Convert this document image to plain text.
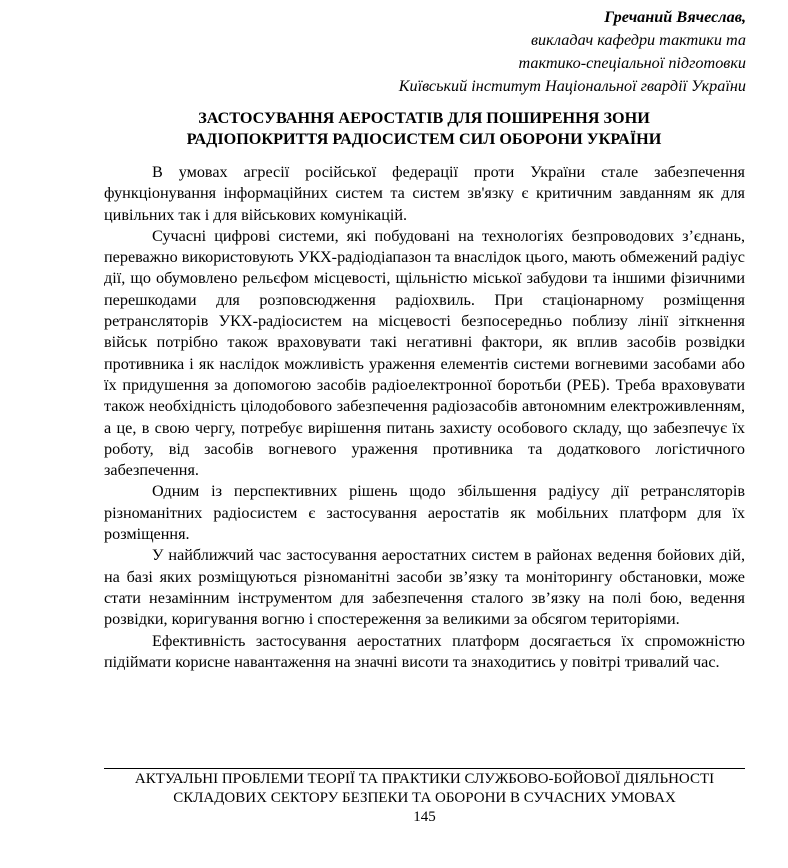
Гречаний Вячеслав,
викладач кафедри тактики та
тактико-спеціальної підготовки
Київський інститут Національної гвардії України
ЗАСТОСУВАННЯ АЕРОСТАТІВ ДЛЯ ПОШИРЕННЯ ЗОНИ
РАДІОПОКРИТТЯ РАДІОСИСТЕМ СИЛ ОБОРОНИ УКРАЇНИ

В умовах агресії російської федерації проти України стале забезпечення функціонування інформаційних систем та систем зв'язку є критичним завданням як для цивільних так і для військових комунікацій.

Сучасні цифрові системи, які побудовані на технологіях безпроводових з’єднань, переважно використовують УКХ-радіодіапазон та внаслідок цього, мають обмежений радіус дії, що обумовлено рельєфом місцевості, щільністю міської забудови та іншими фізичними перешкодами для розповсюдження радіохвиль. При стаціонарному розміщення ретрансляторів УКХ-радіосистем на місцевості безпосередньо поблизу лінії зіткнення військ потрібно також враховувати такі негативні фактори, як вплив засобів розвідки противника і як наслідок можливість ураження елементів системи вогневими засобами або їх придушення за допомогою засобів радіоелектронної боротьби (РЕБ). Треба враховувати також необхідність цілодобового забезпечення радіозасобів автономним електроживленням, а це, в свою чергу, потребує вирішення питань захисту особового складу, що забезпечує їх роботу, від засобів вогневого ураження противника та додаткового логістичного забезпечення.

Одним із перспективних рішень щодо збільшення радіусу дії ретрансляторів різноманітних радіосистем є застосування аеростатів як мобільних платформ для їх розміщення.

У найближчий час застосування аеростатних систем в районах ведення бойових дій, на базі яких розміщуються різноманітні засоби зв’язку та моніторингу обстановки, може стати незамінним інструментом для забезпечення сталого зв’язку на полі бою, ведення розвідки, коригування вогню і спостереження за великими за обсягом територіями.

Ефективність застосування аеростатних платформ досягається їх спроможністю підіймати корисне навантаження на значні висоти та знаходитись у повітрі тривалий час.

АКТУАЛЬНІ ПРОБЛЕМИ ТЕОРІЇ ТА ПРАКТИКИ СЛУЖБОВО-БОЙОВОЇ ДІЯЛЬНОСТІ
СКЛАДОВИХ СЕКТОРУ БЕЗПЕКИ ТА ОБОРОНИ В СУЧАСНИХ УМОВАХ
145
